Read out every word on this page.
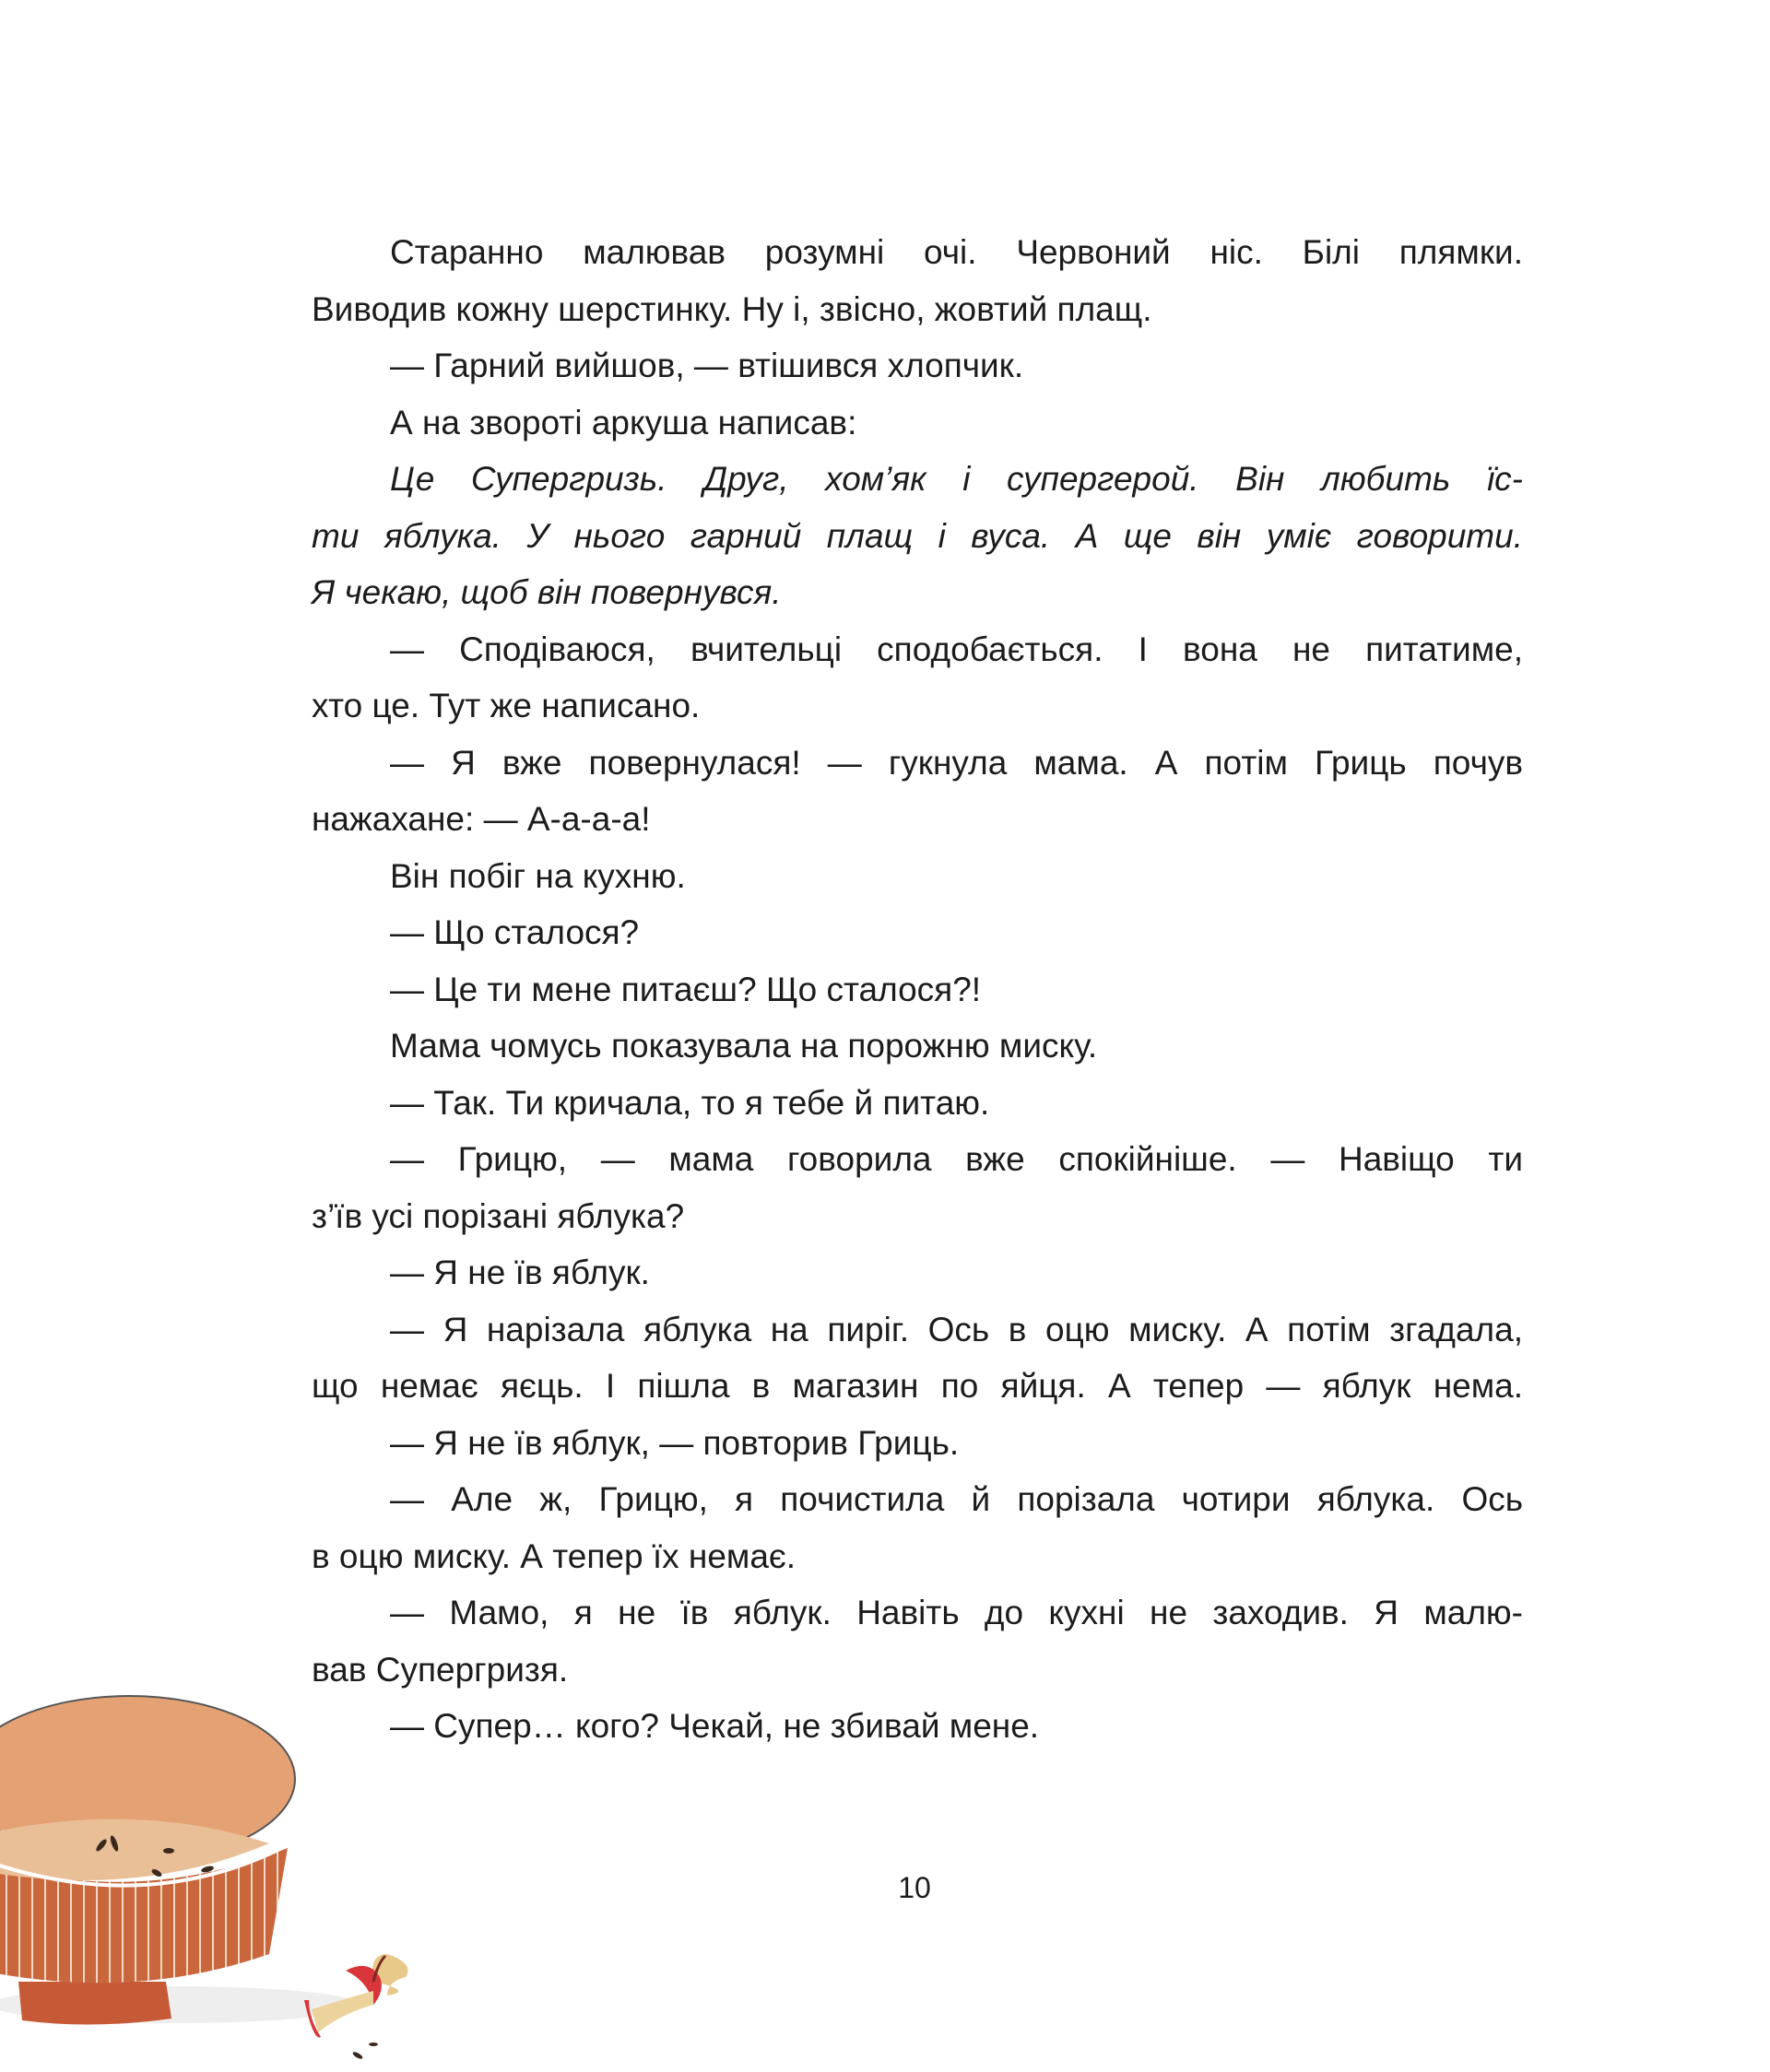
Старанно малював розумні очі. Червоний ніс. Білі плямки.
Виводив кожну шерстинку. Ну і, звісно, жовтий плащ.
— Гарний вийшов, — втішився хлопчик.
А на звороті аркуша написав:
Це Супергризь. Друг, хом’як і супергерой. Він любить їс-
ти яблука. У нього гарний плащ і вуса. А ще він уміє говорити.
Я чекаю, щоб він повернувся.
— Сподіваюся, вчительці сподобається. І вона не питатиме,
хто це. Тут же написано.
— Я вже повернулася! — гукнула мама. А потім Гриць почув
нажахане: — А-а-а-а!
Він побіг на кухню.
— Що сталося?
— Це ти мене питаєш? Що сталося?!
Мама чомусь показувала на порожню миску.
— Так. Ти кричала, то я тебе й питаю.
— Грицю, — мама говорила вже спокійніше. — Навіщо ти
з’їв усі порізані яблука?
— Я не їв яблук.
— Я нарізала яблука на пиріг. Ось в оцю миску. А потім згадала,
що немає яєць. І пішла в магазин по яйця. А тепер — яблук нема.
— Я не їв яблук, — повторив Гриць.
— Але ж, Грицю, я почистила й порізала чотири яблука. Ось
в оцю миску. А тепер їх немає.
— Мамо, я не їв яблук. Навіть до кухні не заходив. Я малю-
вав Супергризя.
— Супер… кого? Чекай, не збивай мене.
10
